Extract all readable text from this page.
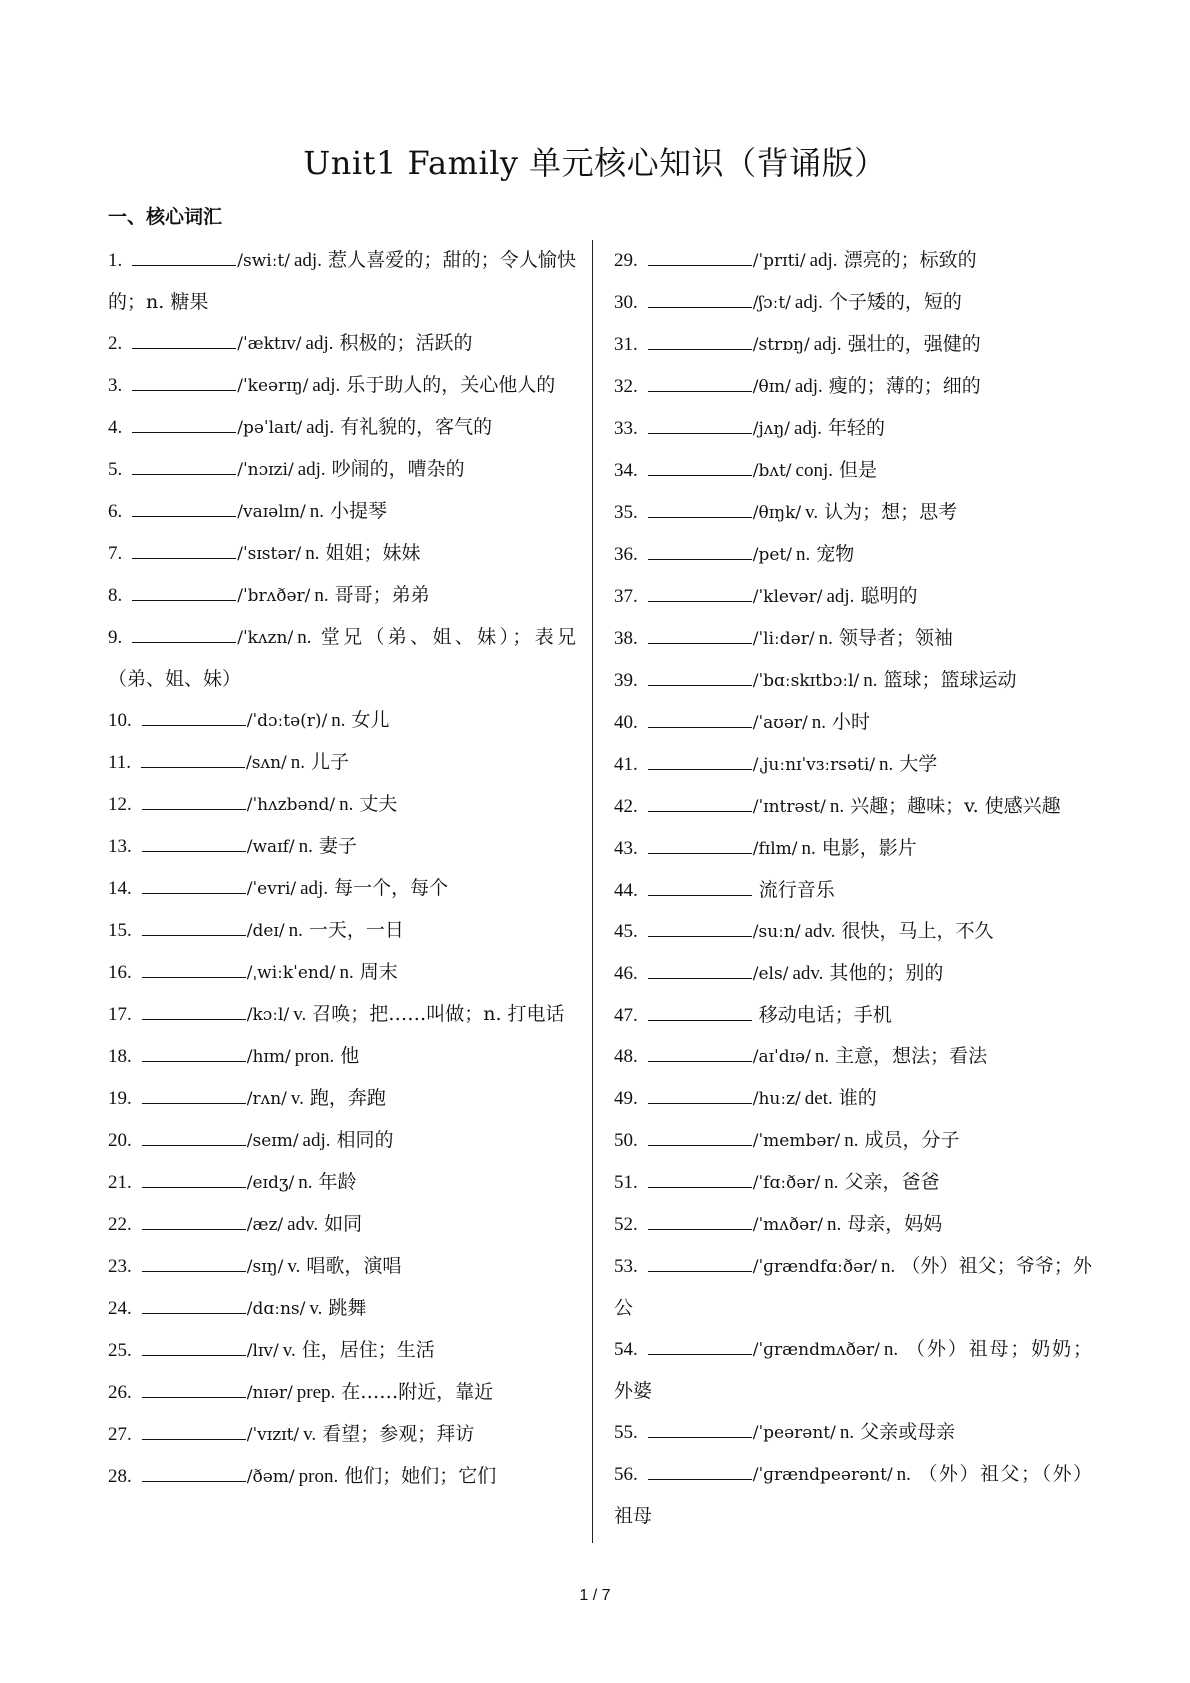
Unit1 Family 单元核心知识（背诵版）
一、核心词汇
1.	/swiːt/ adj. 惹人喜爱的；甜的；令人愉快的；n. 糖果
2.	/ˈæktɪv/ adj. 积极的；活跃的
3.	/ˈkeərɪŋ/ adj. 乐于助人的，关心他人的
4.	/pəˈlaɪt/ adj. 有礼貌的，客气的
5.	/ˈnɔɪzi/ adj. 吵闹的，嘈杂的
6.	/vaɪəlɪn/ n. 小提琴
7.	/ˈsɪstər/ n. 姐姐；妹妹
8.	/ˈbrʌðər/ n. 哥哥；弟弟
9.	/ˈkʌzn/ n. 堂兄（弟、姐、妹）；表兄（弟、姐、妹）
10.	/ˈdɔːtə(r)/ n. 女儿
11.	/sʌn/ n. 儿子
12.	/ˈhʌzbənd/ n. 丈夫
13.	/waɪf/ n. 妻子
14.	/ˈevri/ adj. 每一个，每个
15.	/deɪ/ n. 一天，一日
16.	/ˌwiːkˈend/ n. 周末
17.	/kɔːl/ v. 召唤；把……叫做；n. 打电话
18.	/hɪm/ pron. 他
19.	/rʌn/ v. 跑，奔跑
20.	/seɪm/ adj. 相同的
21.	/eɪdʒ/ n. 年龄
22.	/æz/ adv. 如同
23.	/sɪŋ/ v. 唱歌，演唱
24.	/dɑːns/ v. 跳舞
25.	/lɪv/ v. 住，居住；生活
26.	/nɪər/ prep. 在……附近，靠近
27.	/ˈvɪzɪt/ v. 看望；参观；拜访
28.	/ðəm/ pron. 他们；她们；它们
29.	/ˈprɪti/ adj. 漂亮的；标致的
30.	/ʃɔːt/ adj. 个子矮的，短的
31.	/strɒŋ/ adj. 强壮的，强健的
32.	/θɪn/ adj. 瘦的；薄的；细的
33.	/jʌŋ/ adj. 年轻的
34.	/bʌt/ conj. 但是
35.	/θɪŋk/ v. 认为；想；思考
36.	/pet/ n. 宠物
37.	/ˈklevər/ adj. 聪明的
38.	/ˈliːdər/ n. 领导者；领袖
39.	/ˈbɑːskɪtbɔːl/ n. 篮球；篮球运动
40.	/ˈaʊər/ n. 小时
41.	/ˌjuːnɪˈvɜːrsəti/ n. 大学
42.	/ˈɪntrəst/ n. 兴趣；趣味；v. 使感兴趣
43.	/fɪlm/ n. 电影，影片
44.	流行音乐
45.	/suːn/ adv. 很快，马上，不久
46.	/els/ adv. 其他的；别的
47.	移动电话；手机
48.	/aɪˈdɪə/ n. 主意，想法；看法
49.	/huːz/ det. 谁的
50.	/ˈmembər/ n. 成员，分子
51.	/ˈfɑːðər/ n. 父亲，爸爸
52.	/ˈmʌðər/ n. 母亲，妈妈
53.	/ˈɡrændfɑːðər/ n. （外）祖父；爷爷；外公
54.	/ˈɡrændmʌðər/ n. （外）祖母；奶奶；外婆
55.	/ˈpeərənt/ n. 父亲或母亲
56.	/ˈɡrændpeərənt/ n. （外）祖父；（外）祖母
1 / 7
